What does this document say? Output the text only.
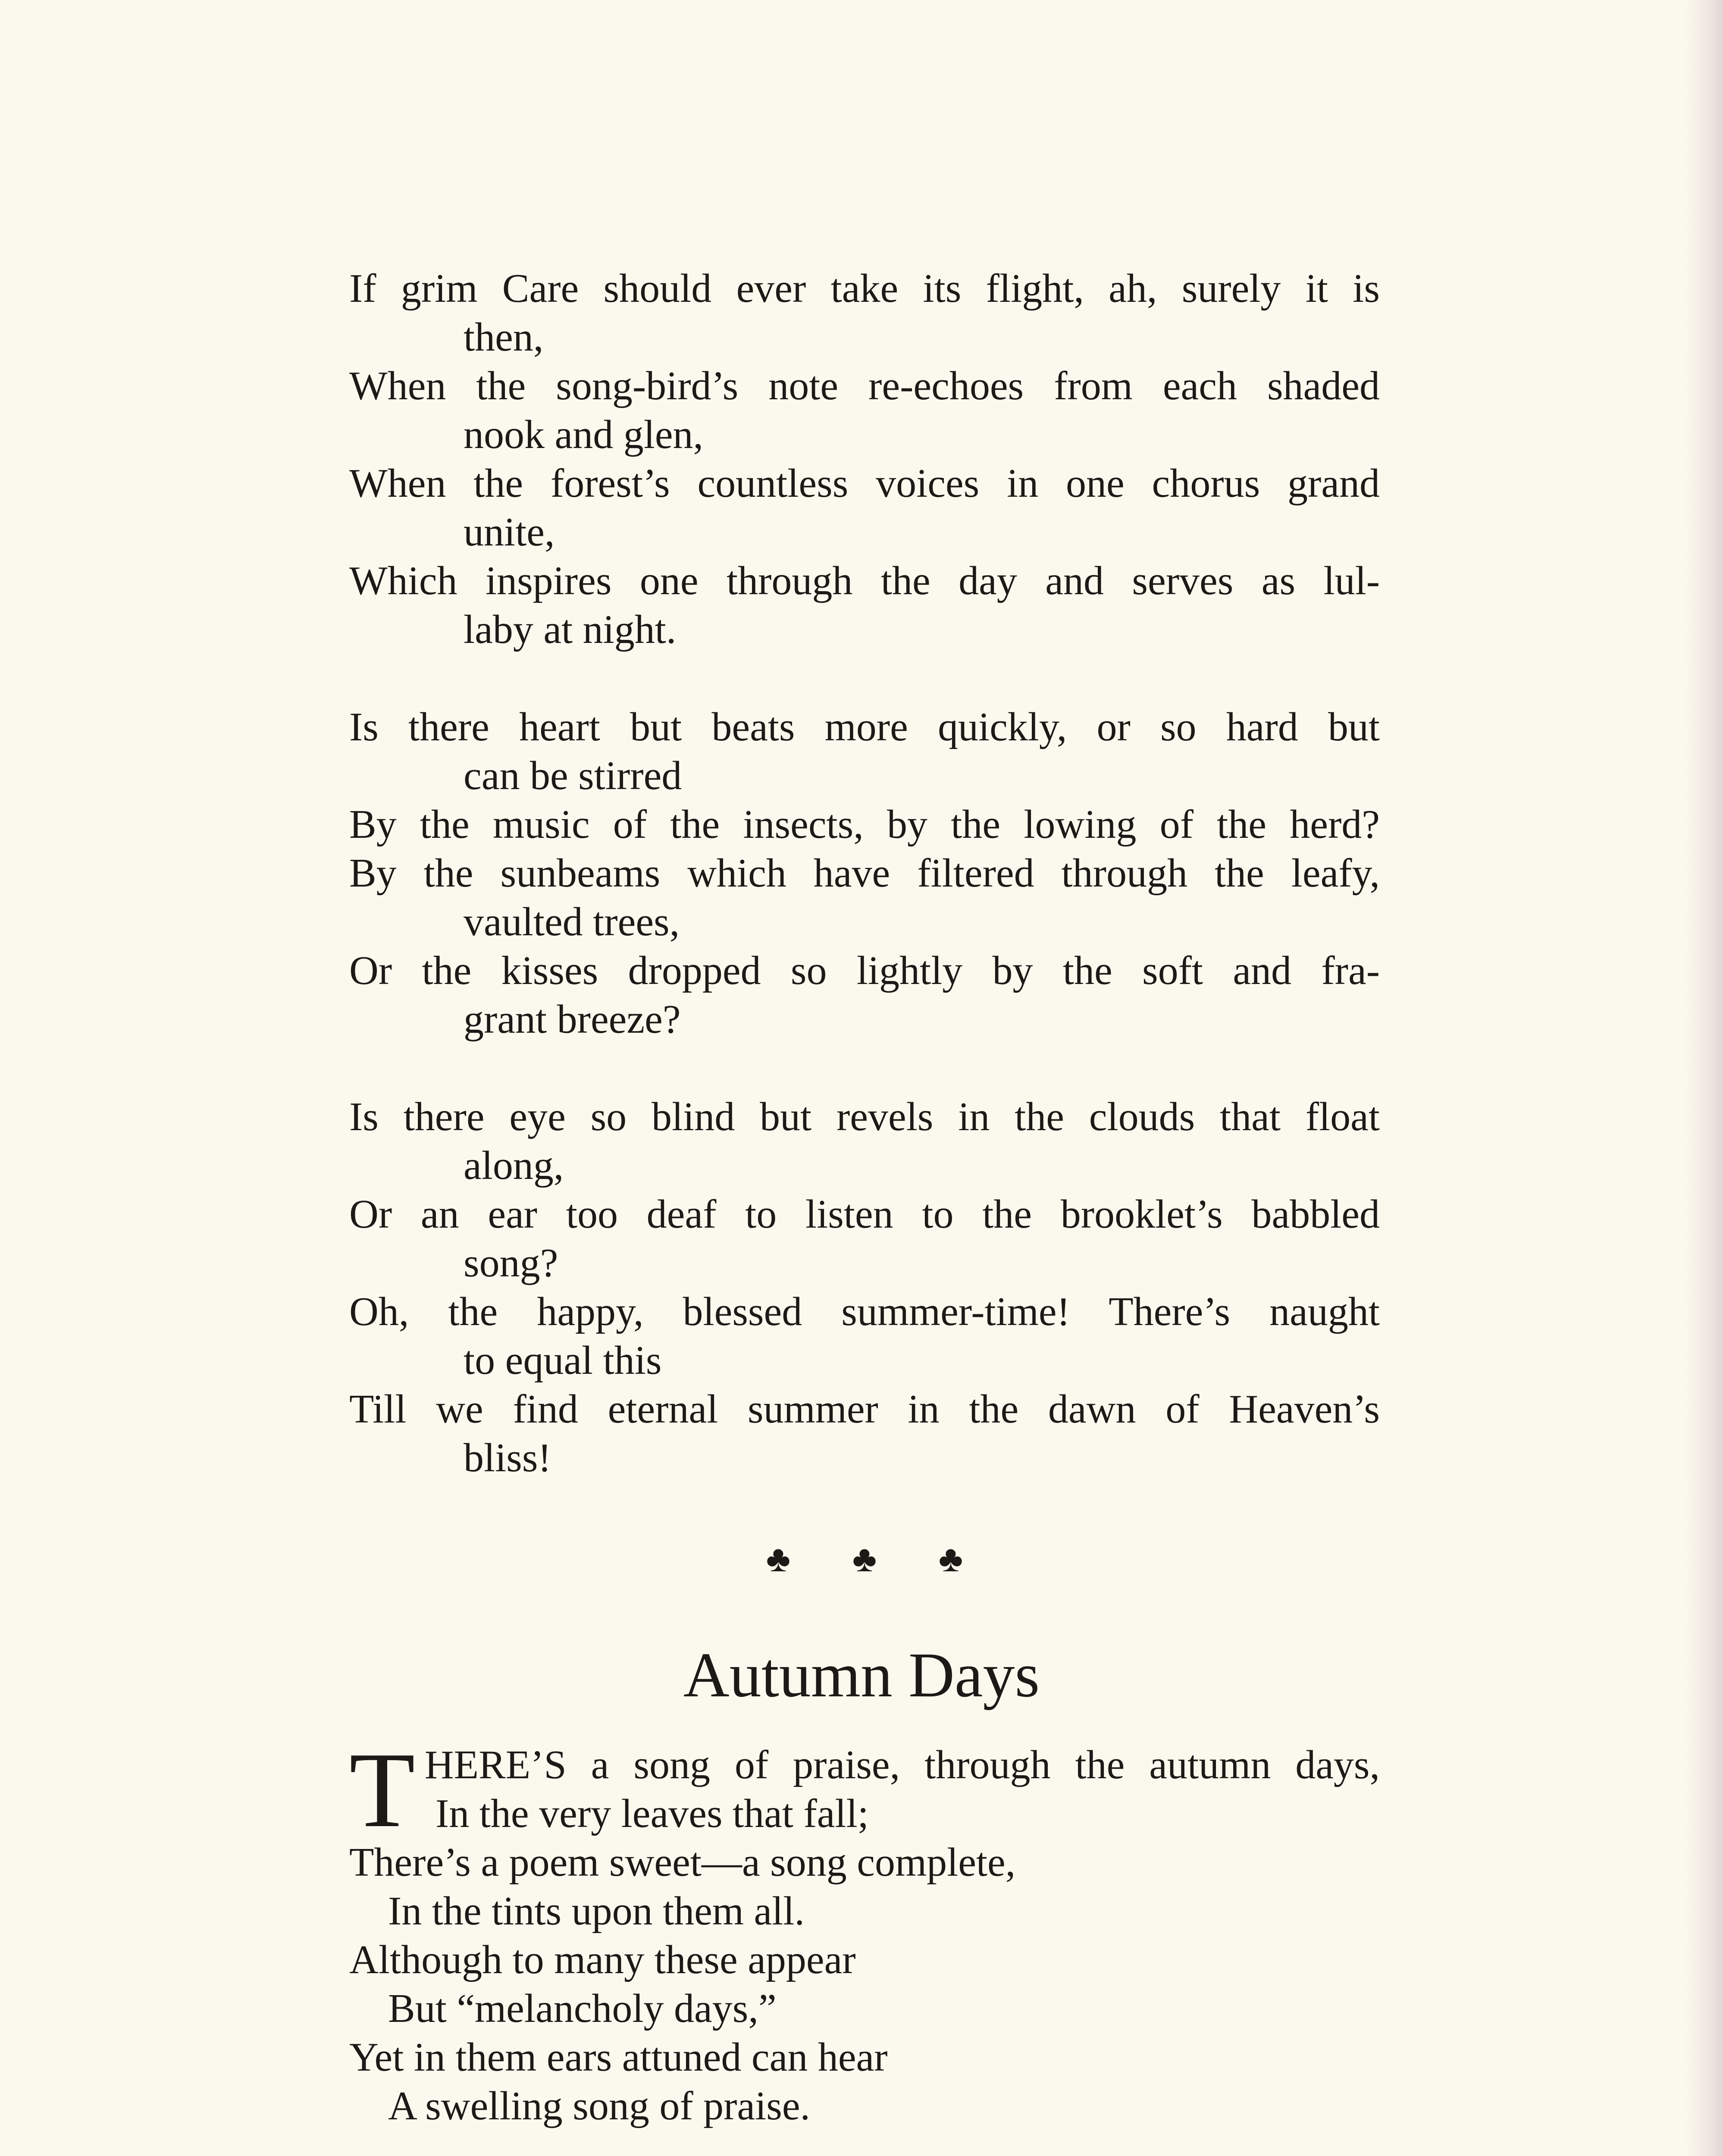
If grim Care should ever take its flight, ah, surely it is
then,
When the song-bird’s note re-echoes from each shaded
nook and glen,
When the forest’s countless voices in one chorus grand
unite,
Which inspires one through the day and serves as lul-
laby at night.
Is there heart but beats more quickly, or so hard but
can be stirred
By the music of the insects, by the lowing of the herd?
By the sunbeams which have filtered through the leafy,
vaulted trees,
Or the kisses dropped so lightly by the soft and fra-
grant breeze?
Is there eye so blind but revels in the clouds that float
along,
Or an ear too deaf to listen to the brooklet’s babbled
song?
Oh, the happy, blessed summer-time! There’s naught
to equal this
Till we find eternal summer in the dawn of Heaven’s
bliss!
♣ ♣ ♣
Autumn Days
T HERE’S a song of praise, through the autumn days,
In the very leaves that fall;
There’s a poem sweet—a song complete,
In the tints upon them all.
Although to many these appear
But “melancholy days,”
Yet in them ears attuned can hear
A swelling song of praise.
